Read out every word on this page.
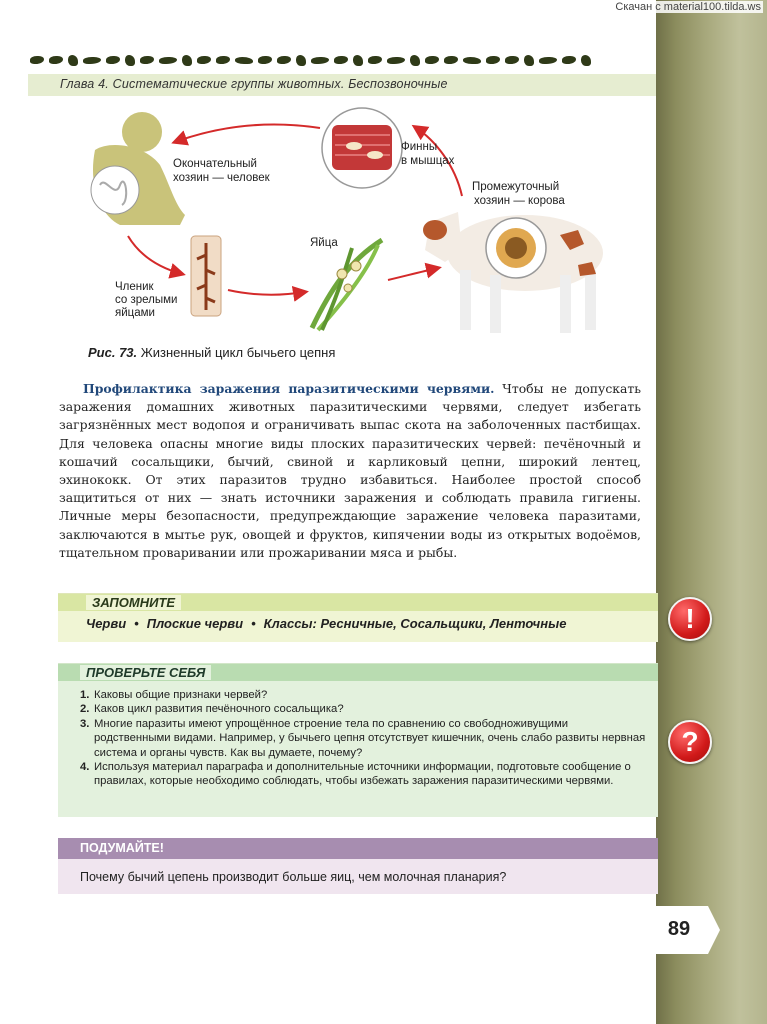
Скачан с material100.tilda.ws
Глава 4. Систематические группы животных. Беспозвоночные
Окончательный
хозяин — человек
Финны
в мышцах
Промежуточный
хозяин — корова
Яйца
Членик
со зрелыми
яйцами
Рис. 73. Жизненный цикл бычьего цепня

Профилактика заражения паразитическими червями. Чтобы не допускать заражения домашних животных паразитическими червями, следует избегать загрязнённых мест водопоя и ограничивать выпас скота на заболоченных пастбищах. Для человека опасны многие виды плоских паразитических червей: печёночный и кошачий сосальщики, бычий, свиной и карликовый цепни, широкий лентец, эхинококк. От этих паразитов трудно избавиться. Наиболее простой способ защититься от них — знать источники заражения и соблюдать правила гигиены. Личные меры безопасности, предупреждающие заражение человека паразитами, заключаются в мытье рук, овощей и фруктов, кипячении воды из открытых водоёмов, тщательном проваривании или прожаривании мяса и рыбы.

ЗАПОМНИТЕ
Черви • Плоские черви • Классы: Ресничные, Сосальщики, Ленточные	!
ПРОВЕРЬТЕ СЕБЯ
1. Каковы общие признаки червей?
2. Каков цикл развития печёночного сосальщика?
3. Многие паразиты имеют упрощённое строение тела по сравнению со свободноживущими родственными видами. Например, у бычьего цепня отсутствует кишечник, очень слабо развиты нервная система и органы чувств. Как вы думаете, почему?
4. Используя материал параграфа и дополнительные источники информации, подготовьте сообщение о правилах, которые необходимо соблюдать, чтобы избежать заражения паразитическими червями.
?
ПОДУМАЙТЕ!
Почему бычий цепень производит больше яиц, чем молочная планария?
89
